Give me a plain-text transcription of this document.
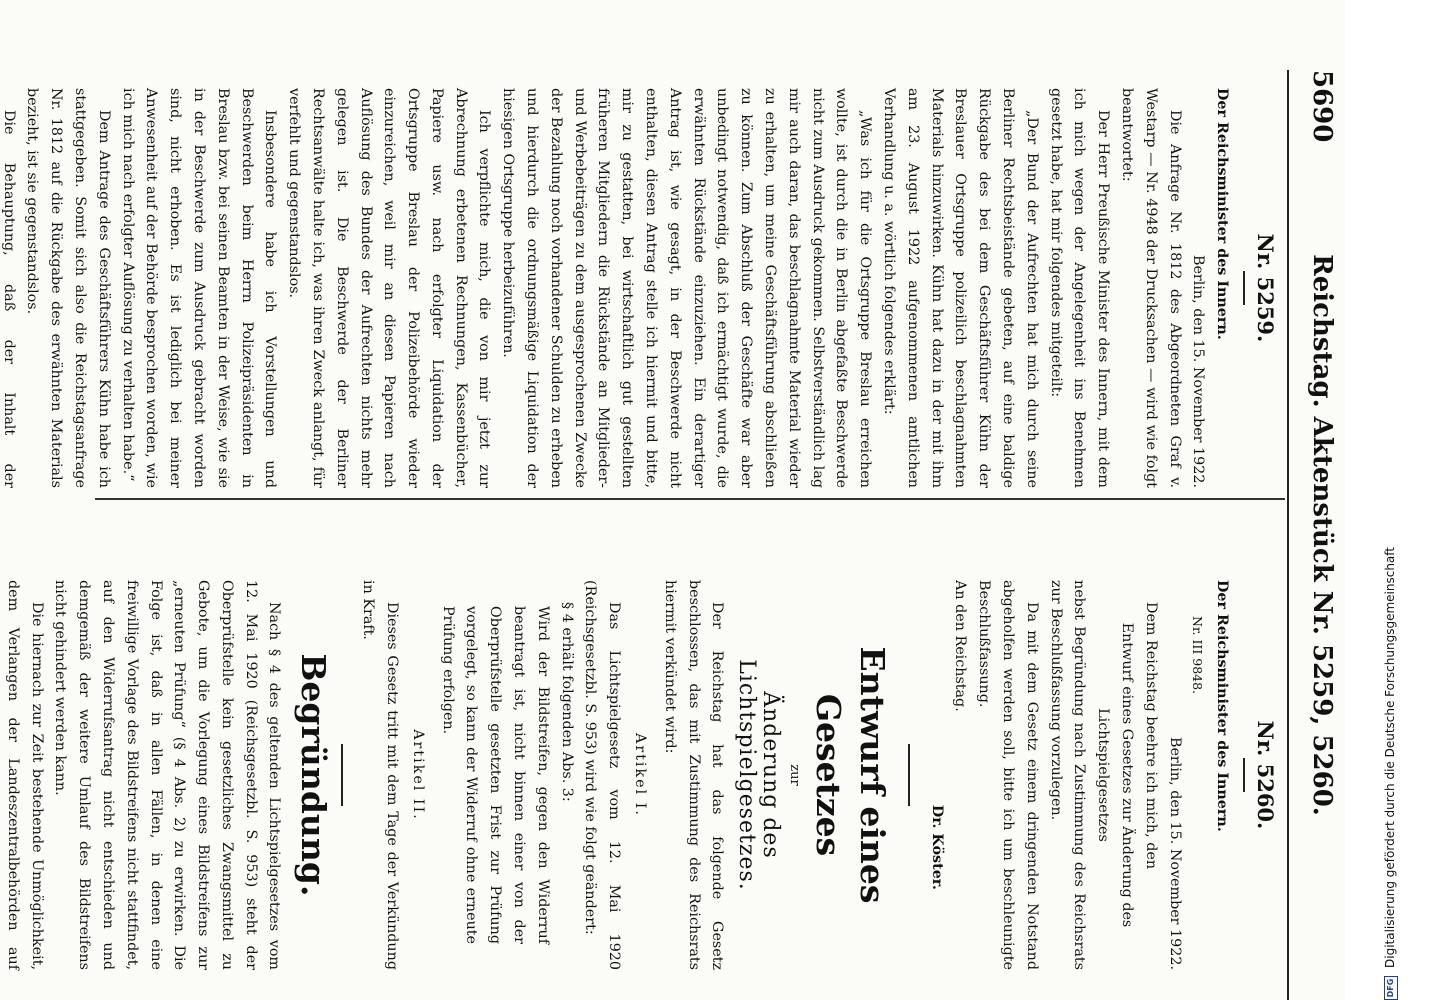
5690
Reichstag. Aktenstück Nr. 5259, 5260.
Nr. 5259.

Der Reichsminister des Innern.

Berlin, den 15. November 1922.

Die Anfrage Nr. 1812 des Abgeordneten Graf v. Westarp — Nr. 4948 der Drucksachen — wird wie folgt beantwortet:

Der Herr Preußische Minister des Innern, mit dem ich mich wegen der Angelegenheit ins Benehmen gesetzt habe, hat mir folgendes mitgeteilt:

„Der Bund der Aufrechten hat mich durch seine Berliner Rechtsbeistände gebeten, auf eine baldige Rückgabe des bei dem Geschäftsführer Kühn der Breslauer Ortsgruppe polizeilich beschlagnahmten Materials hinzuwirken. Kühn hat dazu in der mit ihm am 23. August 1922 aufgenommenen amtlichen Verhandlung u. a. wörtlich folgendes erklärt:

„Was ich für die Ortsgruppe Breslau erreichen wollte, ist durch die in Berlin abgefaßte Beschwerde nicht zum Ausdruck gekommen. Selbstverständlich lag mir auch daran, das beschlagnahmte Material wieder zu erhalten, um meine Geschäftsführung abschließen zu können. Zum Abschluß der Geschäfte war aber unbedingt notwendig, daß ich ermächtigt wurde, die erwähnten Rückstände einzuziehen. Ein derartiger Antrag ist, wie gesagt, in der Beschwerde nicht enthalten, diesen Antrag stelle ich hiermit und bitte, mir zu gestatten, bei wirtschaftlich gut gestellten früheren Mitgliedern die Rückstände an Mitglieder- und Werbebeiträgen zu dem ausgesprochenen Zwecke der Bezahlung noch vorhandener Schulden zu erheben und hierdurch die ordnungsmäßige Liquidation der hiesigen Ortsgruppe herbeizuführen.

Ich verpflichte mich, die von mir jetzt zur Abrechnung erbetenen Rechnungen, Kassenbücher, Papiere usw. nach erfolgter Liquidation der Ortsgruppe Breslau der Polizeibehörde wieder einzureichen, weil mir an diesen Papieren nach Auflösung des Bundes der Aufrechten nichts mehr gelegen ist. Die Beschwerde der Berliner Rechtsanwälte halte ich, was ihren Zweck anlangt, für verfehlt und gegenstandslos.

Insbesondere habe ich Vorstellungen und Beschwerden beim Herrn Polizeipräsidenten in Breslau bzw. bei seinen Beamten in der Weise, wie sie in der Beschwerde zum Ausdruck gebracht worden sind, nicht erhoben. Es ist lediglich bei meiner Anwesenheit auf der Behörde besprochen worden, wie ich mich nach erfolgter Auflösung zu verhalten habe.“

Dem Antrage des Geschäftsführers Kühn habe ich stattgegeben. Somit sich also die Reichstagsanfrage Nr. 1812 auf die Rückgabe des erwähnten Materials bezieht, ist sie gegenstandslos.

Die Behauptung, daß der Inhalt der

Nr. 5260.

Der Reichsminister des Innern.

Nr. III 9848.

Berlin, den 15. November 1922.

Dem Reichstag beehre ich mich, den

Entwurf eines Gesetzes zur Änderung des Lichtspielgesetzes

nebst Begründung nach Zustimmung des Reichsrats zur Beschlußfassung vorzulegen.

Da mit dem Gesetz einem dringenden Notstand abgeholfen werden soll, bitte ich um beschleunigte Beschlußfassung.

An den Reichstag.

Dr. Köster.

Entwurf eines Gesetzes
zur
Änderung des Lichtspielgesetzes.

Der Reichstag hat das folgende Gesetz beschlossen, das mit Zustimmung des Reichsrats hiermit verkündet wird:

Artikel I.

Das Lichtspielgesetz vom 12. Mai 1920 (Reichsgesetzbl. S. 953) wird wie folgt geändert:

§ 4 erhält folgenden Abs. 3:

Wird der Bildstreifen, gegen den Widerruf beantragt ist, nicht binnen einer von der Oberprüfstelle gesetzten Frist zur Prüfung vorgelegt, so kann der Widerruf ohne erneute Prüfung erfolgen.

Artikel II.

Dieses Gesetz tritt mit dem Tage der Verkündung in Kraft.

Begründung.

Nach § 4 des geltenden Lichtspielgesetzes vom 12. Mai 1920 (Reichsgesetzbl. S. 953) steht der Oberprüfstelle kein gesetzliches Zwangsmittel zu Gebote, um die Vorlegung eines Bildstreifens zur „erneuten Prüfung“ (§ 4 Abs. 2) zu erwirken. Die Folge ist, daß in allen Fällen, in denen eine freiwillige Vorlage des Bildstreifens nicht stattfindet, auf den Widerrufsantrag nicht entschieden und demgemäß der weitere Umlauf des Bildstreifens nicht gehindert werden kann.

Die hiernach zur Zeit bestehende Unmöglichkeit, dem Verlangen der Landeszentralbehörden auf

DFGDigitalisierung gefördert durch die Deutsche Forschungsgemeinschaft
